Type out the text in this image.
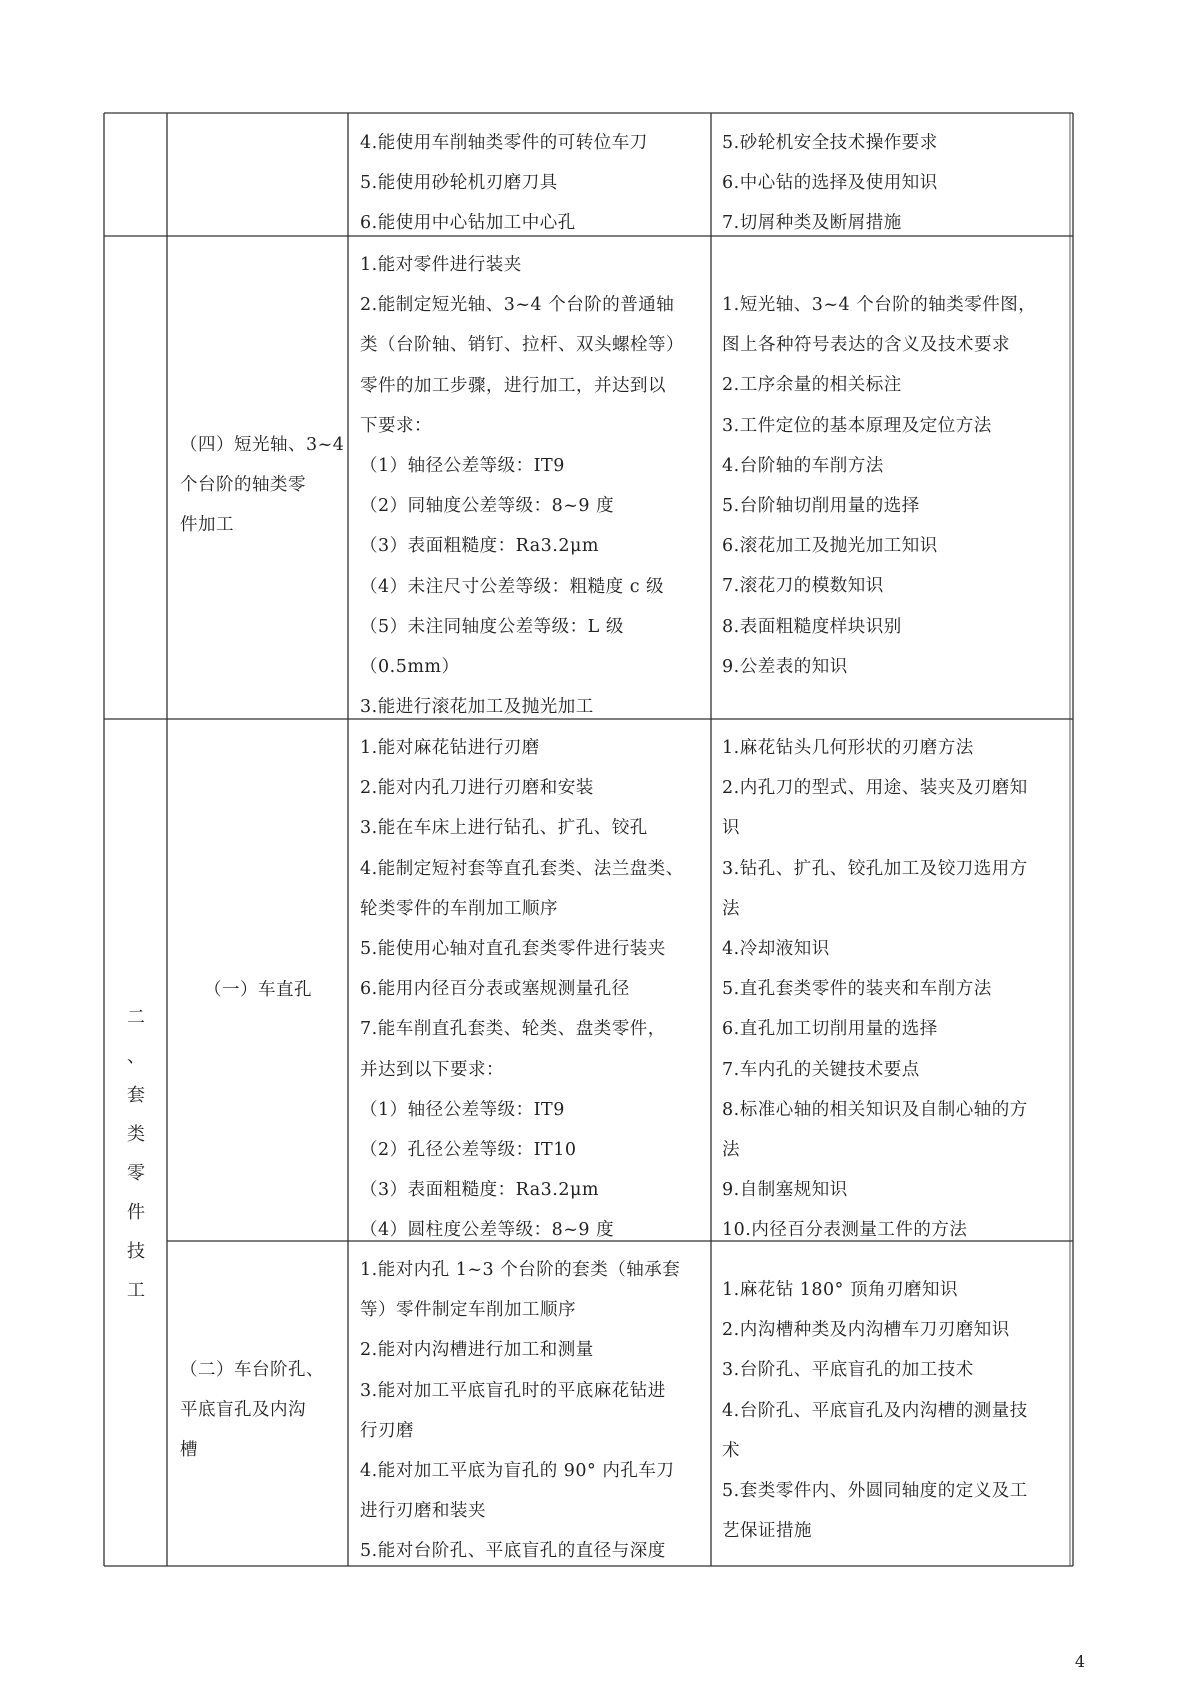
4.能使用车削轴类零件的可转位车刀
5.能使用砂轮机刃磨刀具
6.能使用中心钻加工中心孔
5.砂轮机安全技术操作要求
6.中心钻的选择及使用知识
7.切屑种类及断屑措施
（四）短光轴、3~4
个台阶的轴类零
件加工
1.能对零件进行装夹
2.能制定短光轴、3~4 个台阶的普通轴
类（台阶轴、销钉、拉杆、双头螺栓等）
零件的加工步骤，进行加工，并达到以
下要求：
（1）轴径公差等级：IT9
（2）同轴度公差等级：8~9 度
（3）表面粗糙度：Ra3.2μm
（4）未注尺寸公差等级：粗糙度 c 级
（5）未注同轴度公差等级：L 级
（0.5mm）
3.能进行滚花加工及抛光加工
1.短光轴、3~4 个台阶的轴类零件图，
图上各种符号表达的含义及技术要求
2.工序余量的相关标注
3.工件定位的基本原理及定位方法
4.台阶轴的车削方法
5.台阶轴切削用量的选择
6.滚花加工及抛光加工知识
7.滚花刀的模数知识
8.表面粗糙度样块识别
9.公差表的知识
二
、
套
类
零
件
技
工
（一）车直孔
1.能对麻花钻进行刃磨
2.能对内孔刀进行刃磨和安装
3.能在车床上进行钻孔、扩孔、铰孔
4.能制定短衬套等直孔套类、法兰盘类、
轮类零件的车削加工顺序
5.能使用心轴对直孔套类零件进行装夹
6.能用内径百分表或塞规测量孔径
7.能车削直孔套类、轮类、盘类零件，
并达到以下要求：
（1）轴径公差等级：IT9
（2）孔径公差等级：IT10
（3）表面粗糙度：Ra3.2μm
（4）圆柱度公差等级：8~9 度
1.麻花钻头几何形状的刃磨方法
2.内孔刀的型式、用途、装夹及刃磨知
识
3.钻孔、扩孔、铰孔加工及铰刀选用方
法
4.冷却液知识
5.直孔套类零件的装夹和车削方法
6.直孔加工切削用量的选择
7.车内孔的关键技术要点
8.标准心轴的相关知识及自制心轴的方
法
9.自制塞规知识
10.内径百分表测量工件的方法
（二）车台阶孔、
平底盲孔及内沟
槽
1.能对内孔 1~3 个台阶的套类（轴承套
等）零件制定车削加工顺序
2.能对内沟槽进行加工和测量
3.能对加工平底盲孔时的平底麻花钻进
行刃磨
4.能对加工平底为盲孔的 90° 内孔车刀
进行刃磨和装夹
5.能对台阶孔、平底盲孔的直径与深度
1.麻花钻 180° 顶角刃磨知识
2.内沟槽种类及内沟槽车刀刃磨知识
3.台阶孔、平底盲孔的加工技术
4.台阶孔、平底盲孔及内沟槽的测量技
术
5.套类零件内、外圆同轴度的定义及工
艺保证措施
4
